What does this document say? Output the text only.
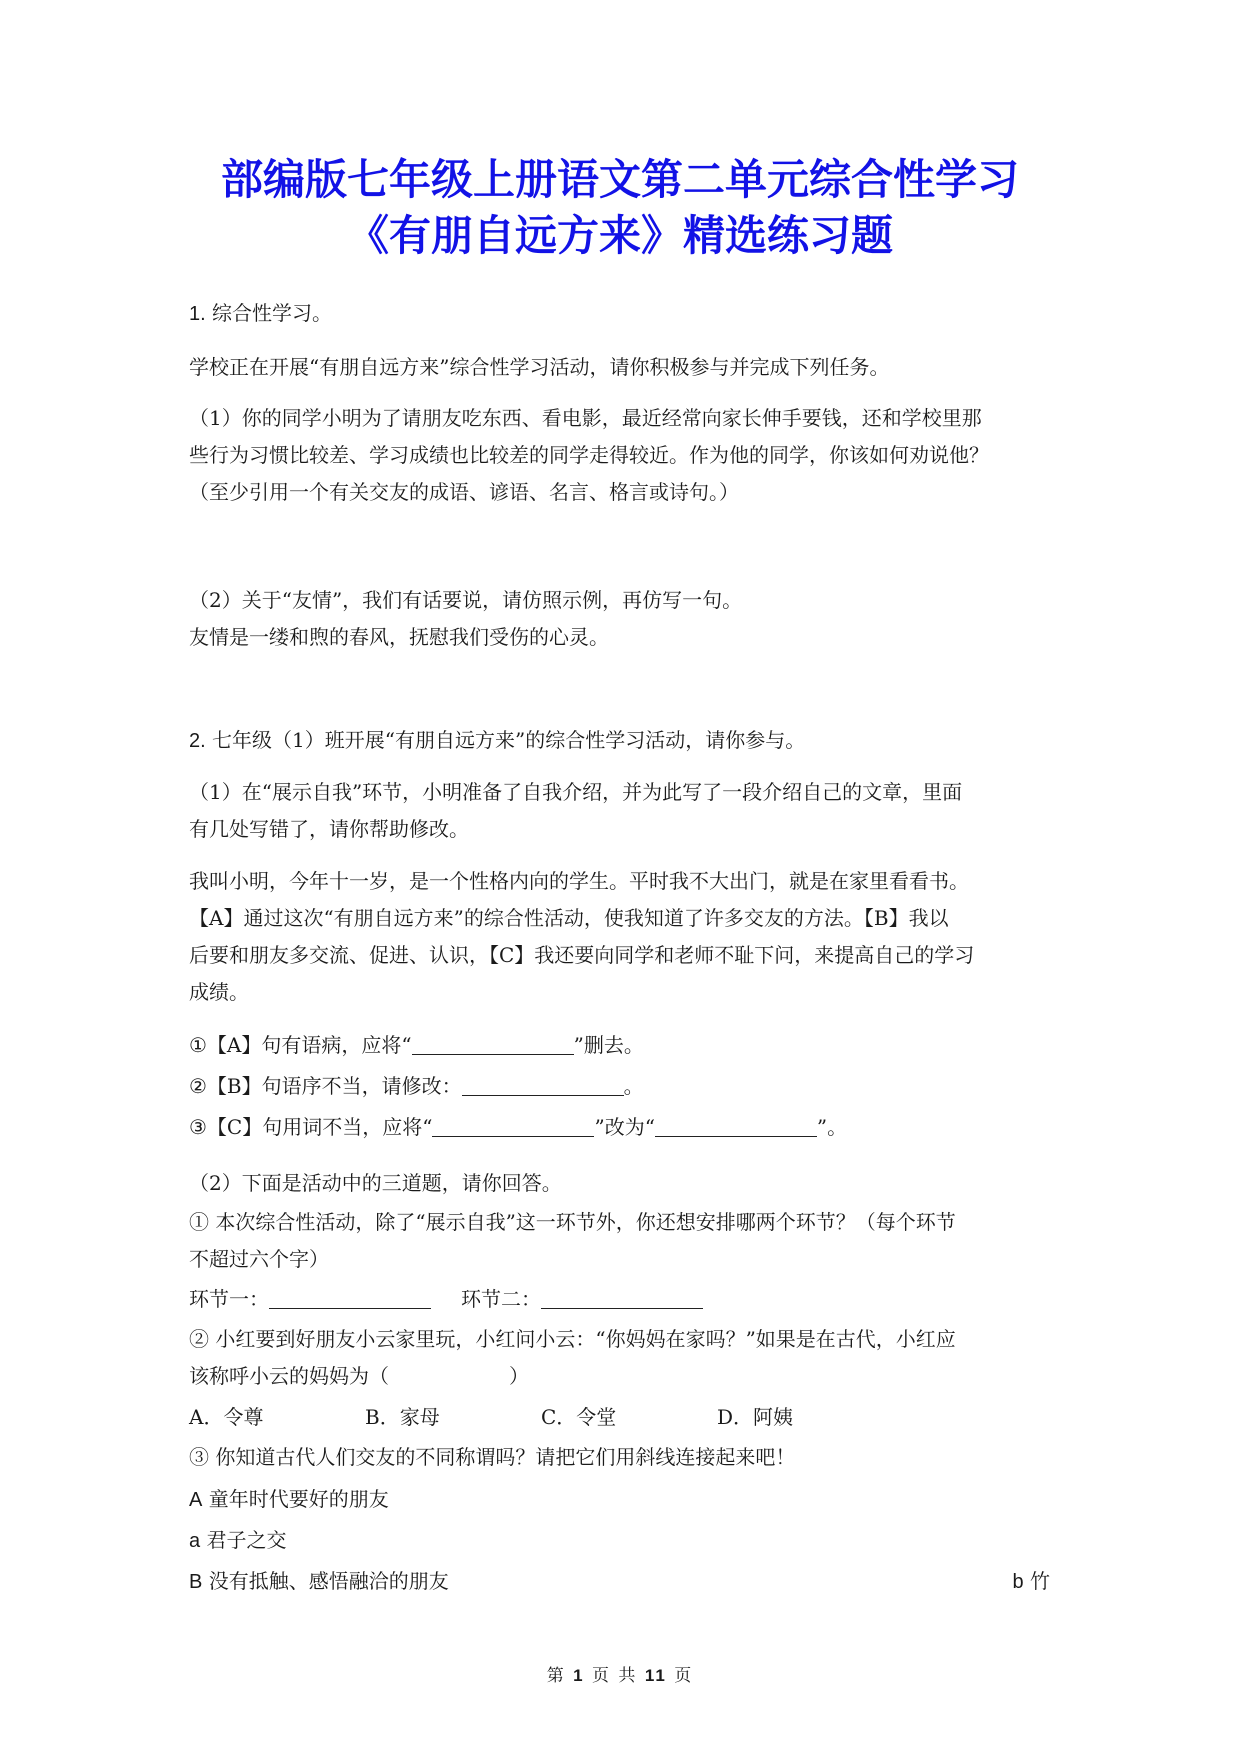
部编版七年级上册语文第二单元综合性学习
《有朋自远方来》精选练习题
1. 综合性学习。
学校正在开展“有朋自远方来”综合性学习活动，请你积极参与并完成下列任务。
（1）你的同学小明为了请朋友吃东西、看电影，最近经常向家长伸手要钱，还和学校里那
些行为习惯比较差、学习成绩也比较差的同学走得较近。作为他的同学，你该如何劝说他？
（至少引用一个有关交友的成语、谚语、名言、格言或诗句。）
（2）关于“友情”，我们有话要说，请仿照示例，再仿写一句。
友情是一缕和煦的春风，抚慰我们受伤的心灵。
2. 七年级（1）班开展“有朋自远方来”的综合性学习活动，请你参与。
（1）在“展示自我”环节，小明准备了自我介绍，并为此写了一段介绍自己的文章，里面
有几处写错了，请你帮助修改。
我叫小明，今年十一岁，是一个性格内向的学生。平时我不大出门，就是在家里看看书。
【A】通过这次“有朋自远方来”的综合性活动，使我知道了许多交友的方法。【B】我以
后要和朋友多交流、促进、认识，【C】我还要向同学和老师不耻下问，来提高自己的学习
成绩。
①【A】句有语病，应将“	”删去。
②【B】句语序不当，请修改：	。
③【C】句用词不当，应将“	”改为“	”。
（2）下面是活动中的三道题，请你回答。
① 本次综合性活动，除了“展示自我”这一环节外，你还想安排哪两个环节？（每个环节
不超过六个字）
环节一：	环节二：
② 小红要到好朋友小云家里玩，小红问小云：“你妈妈在家吗？”如果是在古代，小红应
该称呼小云的妈妈为（　　　　　　）
A．令尊	B．家母	C．令堂	D．阿姨
③ 你知道古代人们交友的不同称谓吗？请把它们用斜线连接起来吧！
A 童年时代要好的朋友
a 君子之交
B 没有抵触、感悟融洽的朋友	b 竹
第 1 页 共 11 页
